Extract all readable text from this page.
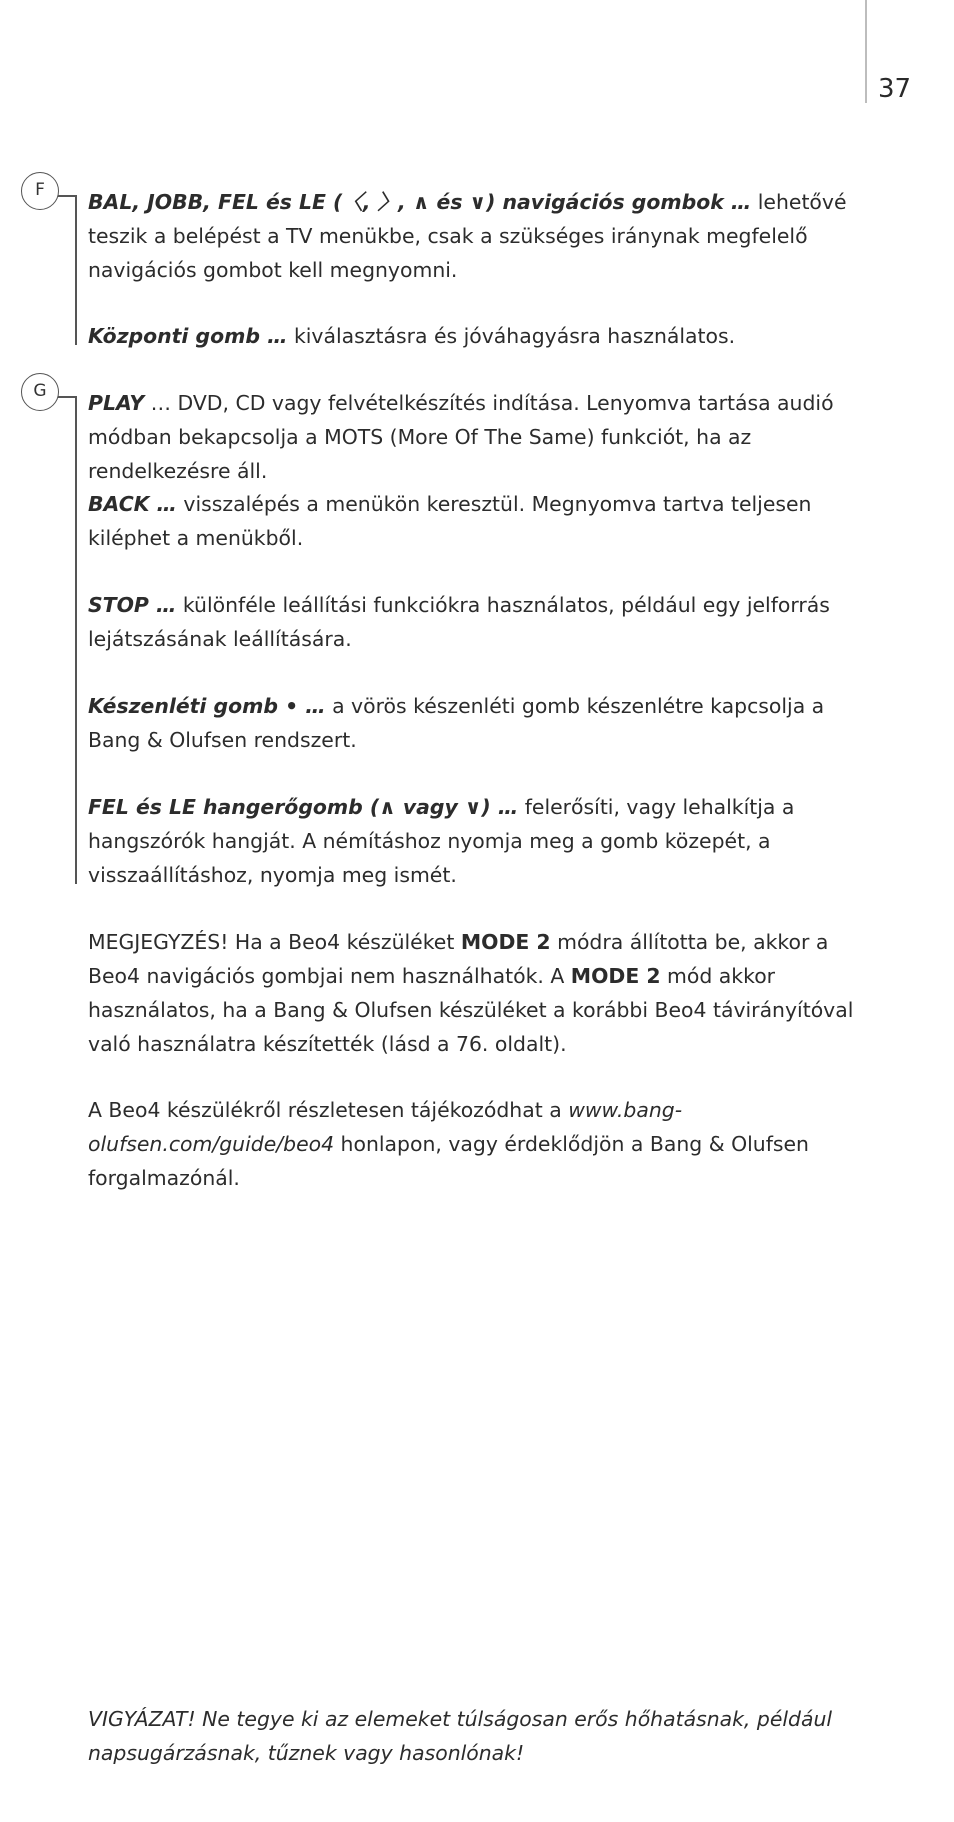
37
F	BAL, JOBB, FEL és LE (〈, 〉, ∧ és ∨) navigációs gombok … lehetővé teszik a belépést a TV menükbe, csak a szükséges iránynak megfelelő navigációs gombot kell megnyomni.

Központi gomb … kiválasztásra és jóváhagyásra használatos.

G	PLAY … DVD, CD vagy felvételkészítés indítása. Lenyomva tartása audió módban bekapcsolja a MOTS (More Of The Same) funkciót, ha az rendelkezésre áll.

BACK … visszalépés a menükön keresztül. Megnyomva tartva teljesen kiléphet a menükből.

STOP … különféle leállítási funkciókra használatos, például egy jelforrás lejátszásának leállítására.

Készenléti gomb • … a vörös készenléti gomb készenlétre kapcsolja a Bang & Olufsen rendszert.

FEL és LE hangerőgomb (∧ vagy ∨) … felerősíti, vagy lehalkítja a hangszórók hangját. A némításhoz nyomja meg a gomb közepét, a visszaállításhoz, nyomja meg ismét.

MEGJEGYZÉS! Ha a Beo4 készüléket MODE 2 módra állította be, akkor a Beo4 navigációs gombjai nem használhatók. A MODE 2 mód akkor használatos, ha a Bang & Olufsen készüléket a korábbi Beo4 távirányítóval való használatra készítették (lásd a 76. oldalt).

A Beo4 készülékről részletesen tájékozódhat a www.bang-olufsen.com/guide/beo4 honlapon, vagy érdeklődjön a Bang & Olufsen forgalmazónál.

VIGYÁZAT! Ne tegye ki az elemeket túlságosan erős hőhatásnak, például napsugárzásnak, tűznek vagy hasonlónak!
